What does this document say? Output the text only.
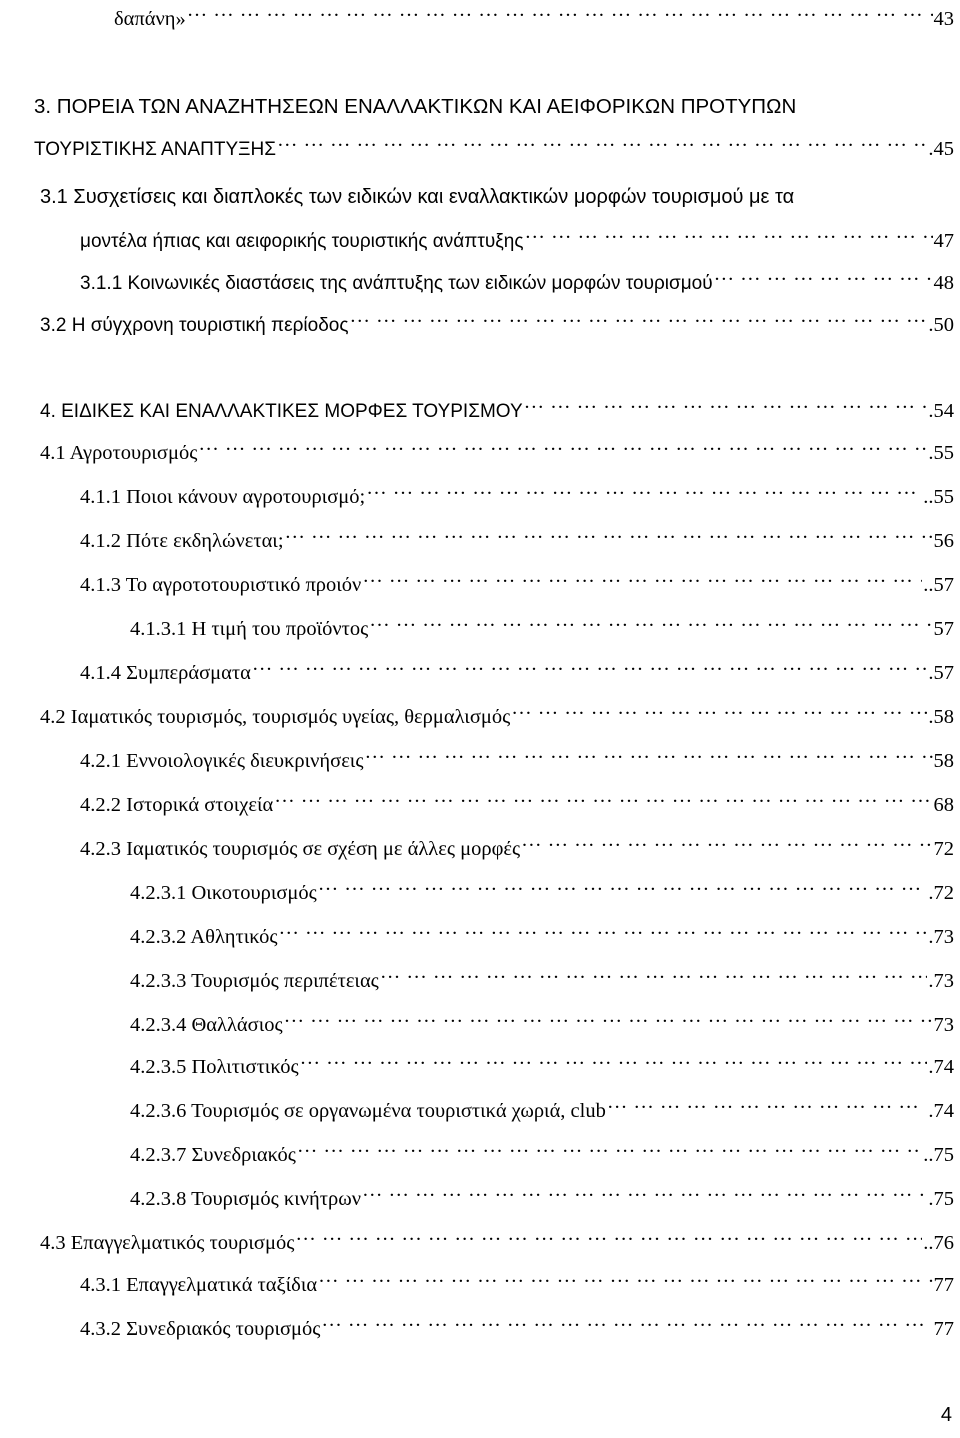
δαπάνη» …………………………………………………………………………………………………………………………………………………………………………………………………………………………………………	43
3. ΠΟΡΕΙΑ ΤΩΝ ΑΝΑΖΗΤΗΣΕΩΝ ΕΝΑΛΛΑΚΤΙΚΩΝ ΚΑΙ ΑΕΙΦΟΡΙΚΩΝ ΠΡΟΤΥΠΩΝ
ΤΟΥΡΙΣΤΙΚΗΣ ΑΝΑΠΤΥΞΗΣ …………………………………………………………………………………………………………………………………………………………………………………………………………………………………………	.45
3.1 Συσχετίσεις και διαπλοκές των ειδικών και εναλλακτικών μορφών τουρισμού με τα
μοντέλα ήπιας και αειφορικής τουριστικής ανάπτυξης …………………………………………………………………………………………………………………………………………………………………………………………………………………………………………	47
3.1.1 Κοινωνικές διαστάσεις της ανάπτυξης των ειδικών μορφών τουρισμού …………………………………………………………………………………………………………………………………………………………………………………………………………………………………………	48
3.2 Η σύγχρονη τουριστική περίοδος …………………………………………………………………………………………………………………………………………………………………………………………………………………………………………	.50
4. ΕΙΔΙΚΕΣ ΚΑΙ ΕΝΑΛΛΑΚΤΙΚΕΣ ΜΟΡΦΕΣ ΤΟΥΡΙΣΜΟΥ …………………………………………………………………………………………………………………………………………………………………………………………………………………………………………	.54
4.1 Αγροτουρισμός …………………………………………………………………………………………………………………………………………………………………………………………………………………………………………	.55
4.1.1 Ποιοι κάνουν αγροτουρισμό; …………………………………………………………………………………………………………………………………………………………………………………………………………………………………………	..55
4.1.2 Πότε εκδηλώνεται; …………………………………………………………………………………………………………………………………………………………………………………………………………………………………………	56
4.1.3 Το αγροτοτουριστικό προιόν …………………………………………………………………………………………………………………………………………………………………………………………………………………………………………	..57
4.1.3.1 Η τιμή του προϊόντος …………………………………………………………………………………………………………………………………………………………………………………………………………………………………………	57
4.1.4 Συμπεράσματα …………………………………………………………………………………………………………………………………………………………………………………………………………………………………………	.57
4.2 Ιαματικός τουρισμός, τουρισμός υγείας, θερμαλισμός …………………………………………………………………………………………………………………………………………………………………………………………………………………………………………	.58
4.2.1 Εννοιολογικές διευκρινήσεις …………………………………………………………………………………………………………………………………………………………………………………………………………………………………………	58
4.2.2 Ιστορικά στοιχεία …………………………………………………………………………………………………………………………………………………………………………………………………………………………………………	68
4.2.3 Ιαματικός τουρισμός σε σχέση με άλλες μορφές …………………………………………………………………………………………………………………………………………………………………………………………………………………………………………	72
4.2.3.1 Οικοτουρισμός …………………………………………………………………………………………………………………………………………………………………………………………………………………………………………	.72
4.2.3.2 Αθλητικός …………………………………………………………………………………………………………………………………………………………………………………………………………………………………………	.73
4.2.3.3 Τουρισμός περιπέτειας …………………………………………………………………………………………………………………………………………………………………………………………………………………………………………	.73
4.2.3.4 Θαλλάσιος …………………………………………………………………………………………………………………………………………………………………………………………………………………………………………	73
4.2.3.5 Πολιτιστικός …………………………………………………………………………………………………………………………………………………………………………………………………………………………………………	.74
4.2.3.6 Τουρισμός σε οργανωμένα τουριστικά χωριά, club …………………………………………………………………………………………………………………………………………………………………………………………………………………………………………	.74
4.2.3.7 Συνεδριακός …………………………………………………………………………………………………………………………………………………………………………………………………………………………………………	..75
4.2.3.8 Τουρισμός κινήτρων …………………………………………………………………………………………………………………………………………………………………………………………………………………………………………	.75
4.3 Επαγγελματικός τουρισμός …………………………………………………………………………………………………………………………………………………………………………………………………………………………………………	..76
4.3.1 Επαγγελματικά ταξίδια …………………………………………………………………………………………………………………………………………………………………………………………………………………………………………	77
4.3.2 Συνεδριακός τουρισμός …………………………………………………………………………………………………………………………………………………………………………………………………………………………………………	77
4
